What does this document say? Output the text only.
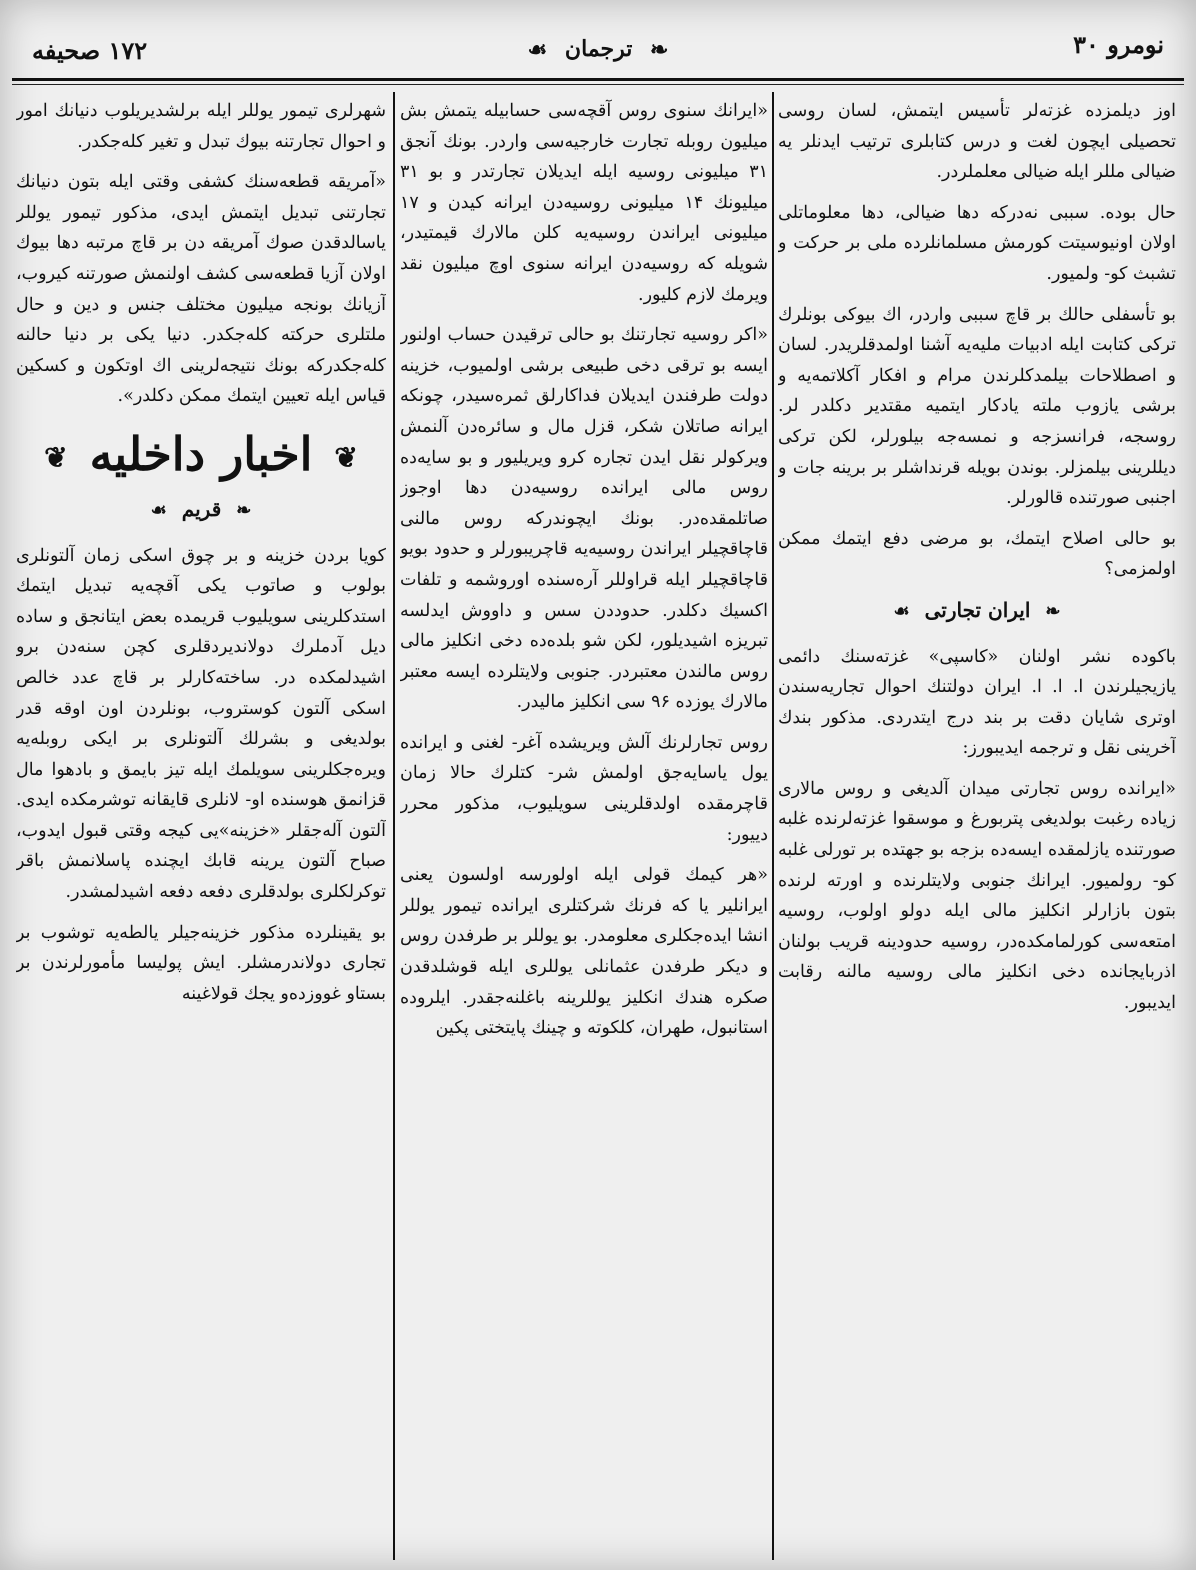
نومرو ۳۰
❧ ترجمان ☙
۱۷۲ صحیفه

اوز دیلمزده غزته‌لر تأسیس ایتمش، لسان روسی تحصیلی ایچون لغت و درس کتابلری ترتیب ایدنلر یه ضیالی مللر ایله ضیالی معلملردر.

حال بوده. سببی نه‌درکه دها ضیالی، دها معلوماتلی اولان اونیوسیتت کورمش مسلمانلرده ملی بر حرکت و تشبث کو- ولمیور.

بو تأسفلی حالك بر قاچ سببی واردر، اك بیوکی بونلرك ترکی کتابت ایله ادبیات ملیه‌یه آشنا اولمدقلریدر. لسان و اصطلاحات بیلمدکلرندن مرام و افکار آکلاتمه‌یه و برشی یازوب ملته یادکار ایتمیه مقتدیر دکلدر لر. روسجه، فرانسزجه و نمسه‌جه بیلورلر، لکن ترکی دیللرینی بیلمزلر. بوندن بویله قرنداشلر بر برینه جات و اجنبی صورتنده قالورلر.

بو حالی اصلاح ایتمك، بو مرضی دفع ایتمك ممکن اولمزمی؟

❧ ایران تجارتی ☙

باکوده نشر اولنان «کاسپی» غزته‌سنك دائمی یازیجیلرندن ا. ا. ا. ایران دولتنك احوال تجاریه‌سندن اوتری شایان دقت بر بند درج ایتدردی. مذکور بندك آخرینی نقل و ترجمه ایدیبورز:

«ایرانده روس تجارتی میدان آلدیغی و روس مالاری زیاده رغبت بولدیغی پتربورغ و موسقوا غزته‌لرنده غلبه صورتنده یازلمقده ایسه‌ده بزجه بو جهتده بر تورلی غلبه کو- رولمیور. ایرانك جنوبی ولایتلرنده و اورته لرنده بتون بازارلر انکلیز مالی ایله دولو اولوب، روسیه امتعه‌سی کورلمامکده‌در، روسیه حدودینه قریب بولنان اذربایجانده دخی انکلیز مالی روسیه مالنه رقابت ایدیبور.

«ایرانك سنوی روس آقچه‌سی حسابیله یتمش بش میلیون روبله تجارت خارجیه‌سی واردر. بونك آنجق ۳۱ میلیونی روسیه ایله ایدیلان تجارتدر و بو ۳۱ میلیونك ۱۴ میلیونی روسیه‌دن ایرانه کیدن و ۱۷ میلیونی ایراندن روسیه‌یه کلن مالارك قیمتیدر، شویله که روسیه‌دن ایرانه سنوی اوچ میلیون نقد ویرمك لازم کلیور.

«اکر روسیه تجارتنك بو حالی ترقیدن حساب اولنور ایسه بو ترقی دخی طبیعی برشی اولمیوب، خزینه دولت طرفندن ایدیلان فداکارلق ثمره‌سیدر، چونکه ایرانه صاتلان شکر، قزل مال و سائره‌دن آلنمش ویرکولر نقل ایدن تجاره کرو ویریلیور و بو سایه‌ده روس مالی ایرانده روسیه‌دن دها اوجوز صاتلمقده‌در. بونك ایچوندرکه روس مالنی قاچاقچیلر ایراندن روسیه‌یه قاچریبورلر و حدود بویو قاچاقچیلر ایله قراوللر آره‌سنده اوروشمه و تلفات اکسیك دکلدر. حدوددن سس و داووش ایدلسه تبریزه اشیدیلور، لکن شو بلده‌ده دخی انکلیز مالی روس مالندن معتبردر. جنوبی ولایتلرده ایسه معتبر مالارك یوزده ۹۶ سی انکلیز مالیدر.

روس تجارلرنك آلش ویریشده آغر- لغنی و ایرانده یول یاسایه‌جق اولمش شر- کتلرك حالا زمان قاچرمقده اولدقلرینی سویلیوب، مذکور محرر دییور:

«هر کیمك قولی ایله اولورسه اولسون یعنی ایرانلیر یا که فرنك شرکتلری ایرانده تیمور یوللر انشا ایده‌جکلری معلومدر. بو یوللر بر طرفدن روس و دیکر طرفدن عثمانلی یوللری ایله قوشلدقدن صکره هندك انکلیز یوللرینه باغلنه‌جقدر. ایلروده استانبول، طهران، کلکوته و چینك پایتختی پکین

شهرلری تیمور یوللر ایله برلشدیریلوب دنیانك امور و احوال تجارتنه بیوك تبدل و تغیر کله‌جکدر.

«آمریقه قطعه‌سنك کشفی وقتی ایله بتون دنیانك تجارتنی تبدیل ایتمش ایدی، مذکور تیمور یوللر یاسالدقدن صوك آمریقه دن بر قاچ مرتبه دها بیوك اولان آزیا قطعه‌سی کشف اولنمش صورتنه کیروب، آزیانك بونجه میلیون مختلف جنس و دین و حال ملتلری حرکته کله‌جکدر. دنیا یکی بر دنیا حالنه کله‌جکدرکه بونك نتیجه‌لرینی اك اوتکون و کسکین قیاس ایله تعیین ایتمك ممکن دکلدر».

❦ اخبار داخلیه ❦
❧ قریم ☙

کویا بردن خزینه و بر چوق اسکی زمان آلتونلری بولوب و صاتوب یکی آقچه‌یه تبدیل ایتمك استدکلرینی سویلیوب قریمده بعض ایتانجق و ساده دیل آدملرك دولاندیردقلری کچن سنه‌دن برو اشیدلمکده در. ساخته‌کارلر بر قاچ عدد خالص اسکی آلتون کوستروب، بونلردن اون اوقه قدر بولدیغی و بشرلك آلتونلری بر ایکی روبله‌یه ویره‌جکلرینی سویلمك ایله تیز بایمق و بادهوا مال قزانمق هوسنده او- لانلری قایقانه توشرمکده ایدی. آلتون آله‌جقلر «خزینه‌»یی کیجه وقتی قبول ایدوب، صباح آلتون یرینه قابك ایچنده پاسلانمش باقر توکرلکلری بولدقلری دفعه دفعه اشیدلمشدر.

بو یقینلرده مذکور خزینه‌جیلر یالطه‌یه توشوب بر تجاری دولاندرمشلر. ایش پولیسا مأمورلرندن بر بستاو غووزده‌و یجك قولاغینه
